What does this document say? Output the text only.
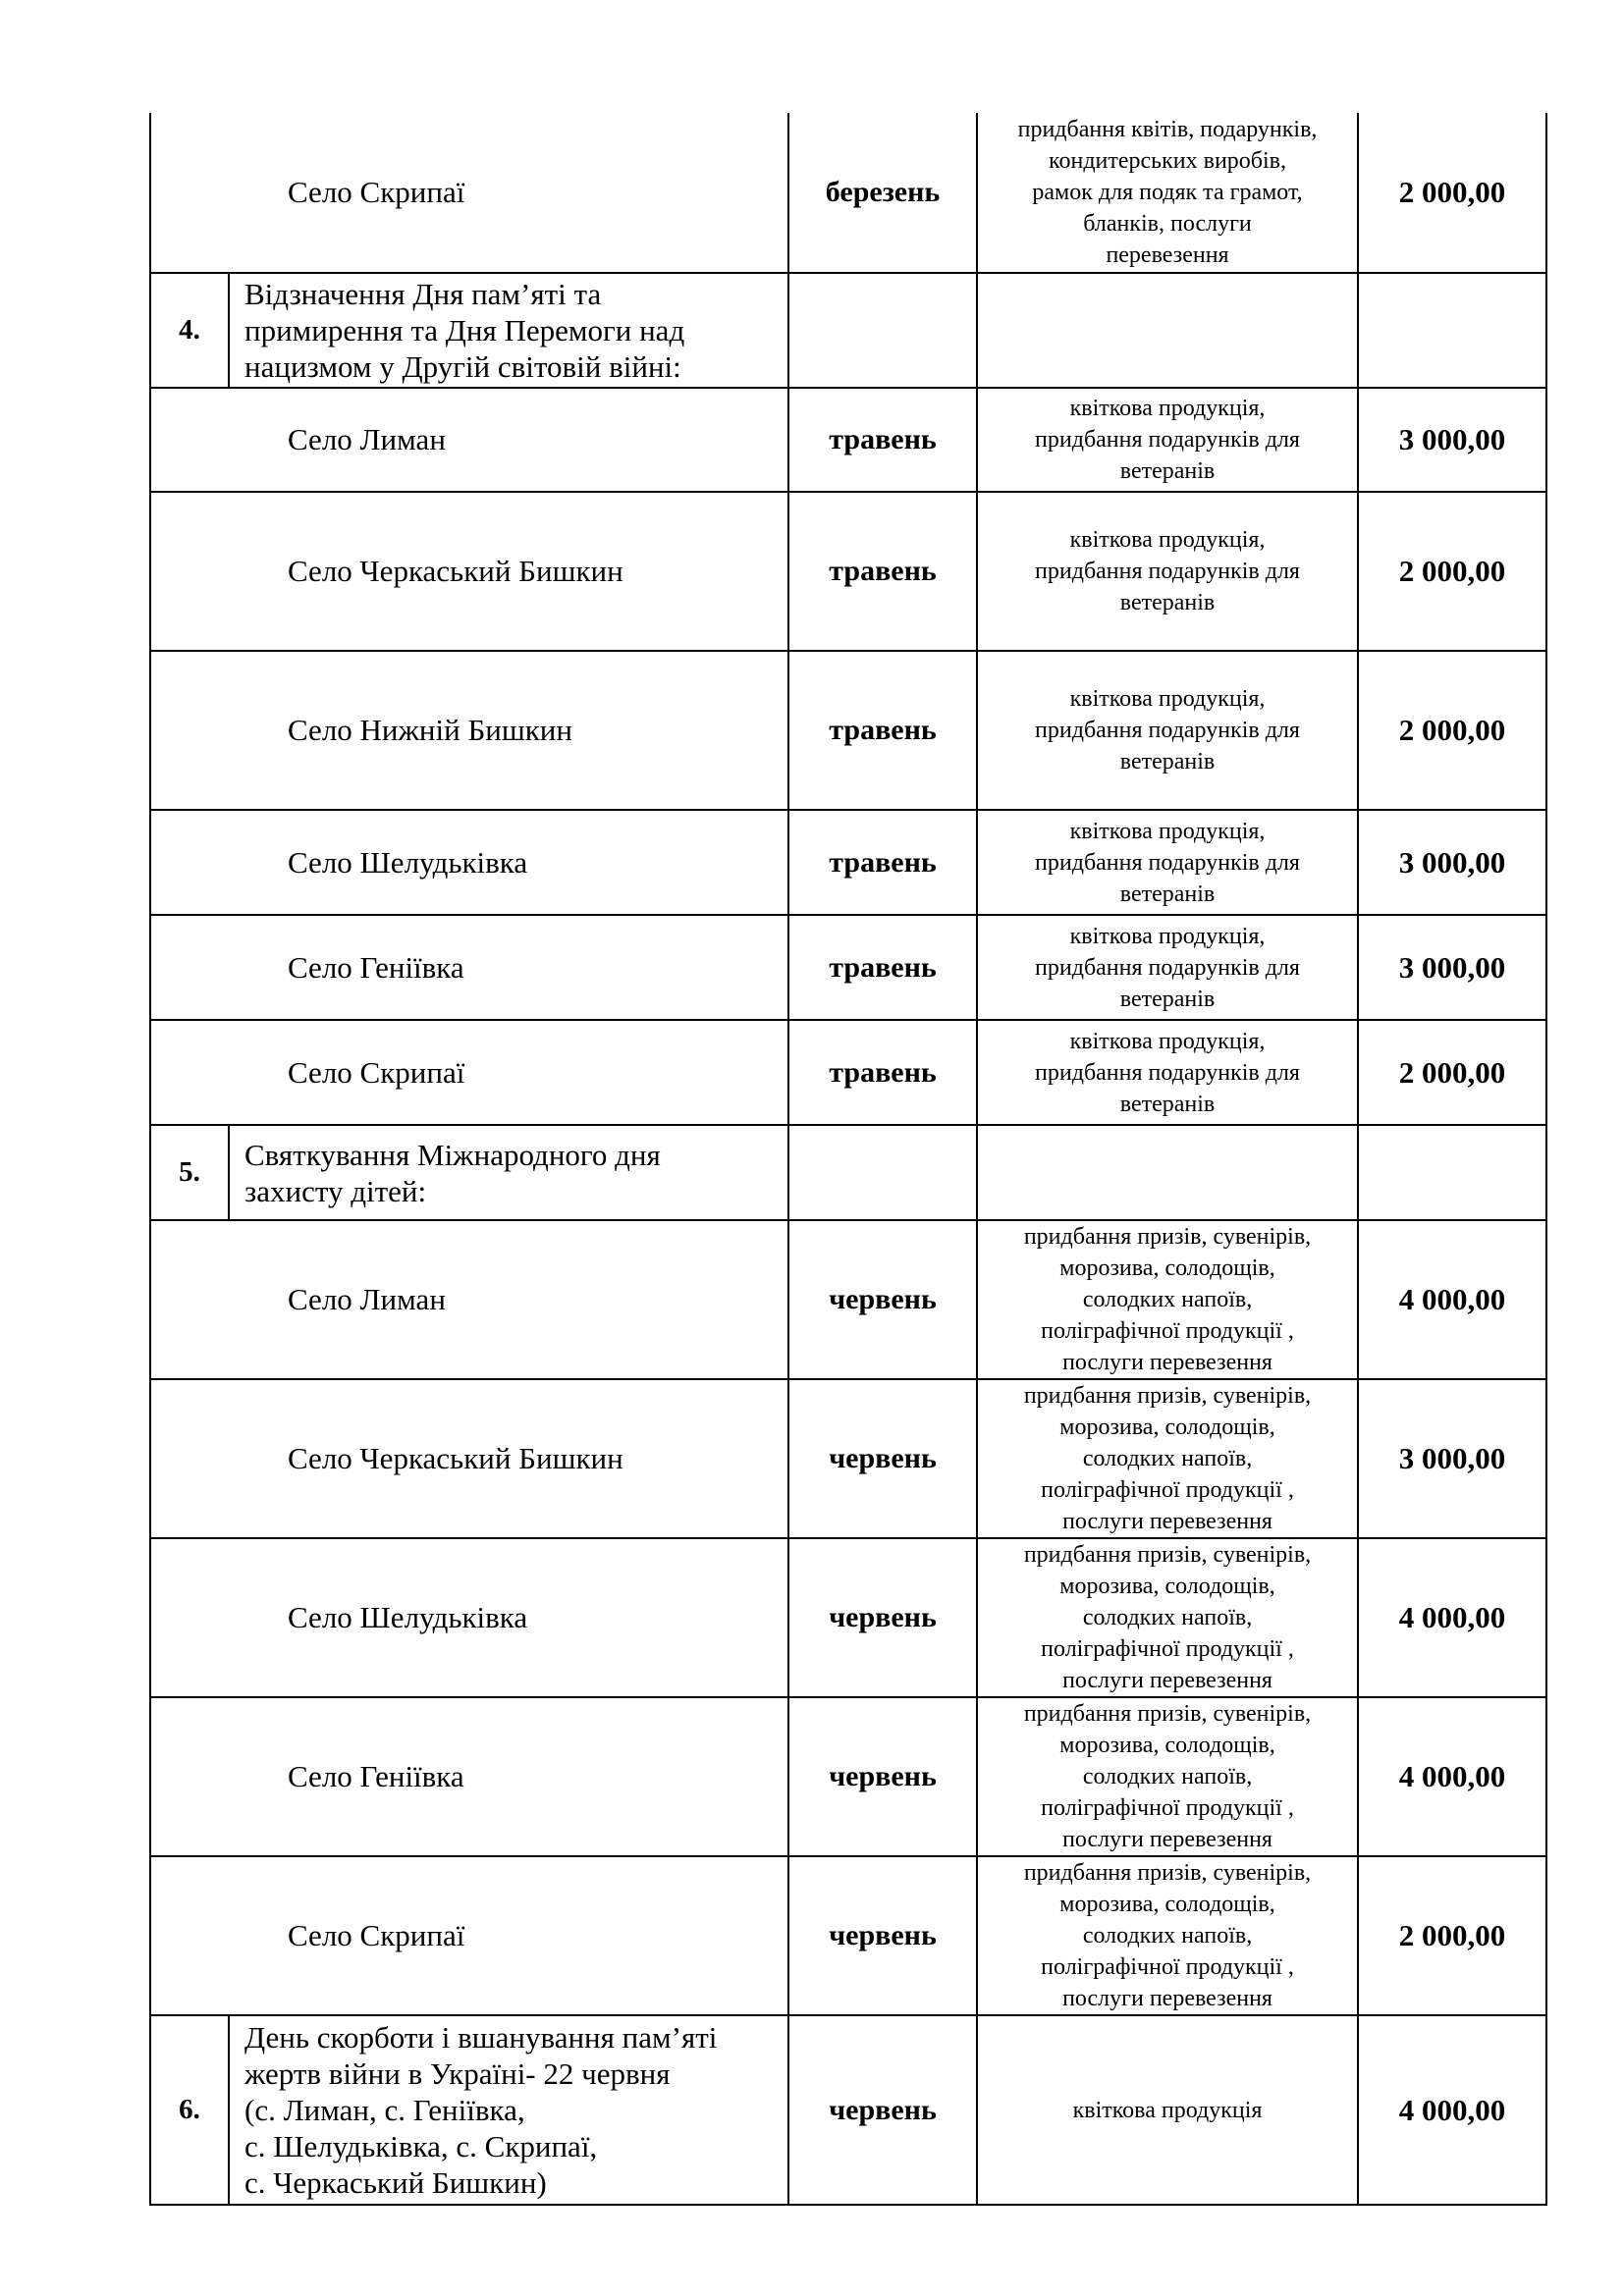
Село Скрипаї		березень	придбання квітів, подарунків,
кондитерських виробів,
рамок для подяк та грамот,
бланків, послуги
перевезення	2 000,00
4.	Відзначення Дня пам’яті та
примирення та Дня Перемоги над
нацизмом у Другій світовій війні:			

Село Лиман		травень	квіткова продукція,
придбання подарунків для
ветеранів	3 000,00
Село Черкаський Бишкин		травень	квіткова продукція,
придбання подарунків для
ветеранів	2 000,00
Село Нижній Бишкин		травень	квіткова продукція,
придбання подарунків для
ветеранів	2 000,00
Село Шелудьківка		травень	квіткова продукція,
придбання подарунків для
ветеранів	3 000,00
Село Геніївка		травень	квіткова продукція,
придбання подарунків для
ветеранів	3 000,00
Село Скрипаї		травень	квіткова продукція,
придбання подарунків для
ветеранів	2 000,00
5.	Святкування Міжнародного дня
захисту дітей:			

Село Лиман		червень	придбання призів, сувенірів,
морозива, солодощів,
солодких напоїв,
поліграфічної продукції ,
послуги перевезення	4 000,00
Село Черкаський Бишкин		червень	придбання призів, сувенірів,
морозива, солодощів,
солодких напоїв,
поліграфічної продукції ,
послуги перевезення	3 000,00
Село Шелудьківка		червень	придбання призів, сувенірів,
морозива, солодощів,
солодких напоїв,
поліграфічної продукції ,
послуги перевезення	4 000,00
Село Геніївка		червень	придбання призів, сувенірів,
морозива, солодощів,
солодких напоїв,
поліграфічної продукції ,
послуги перевезення	4 000,00
Село Скрипаї		червень	придбання призів, сувенірів,
морозива, солодощів,
солодких напоїв,
поліграфічної продукції ,
послуги перевезення	2 000,00
6.	День скорботи і вшанування пам’яті
жертв війни в Україні- 22 червня
(с. Лиман, с. Геніївка,
с. Шелудьківка, с. Скрипаї,
с. Черкаський Бишкин)	червень	квіткова продукція	4 000,00
